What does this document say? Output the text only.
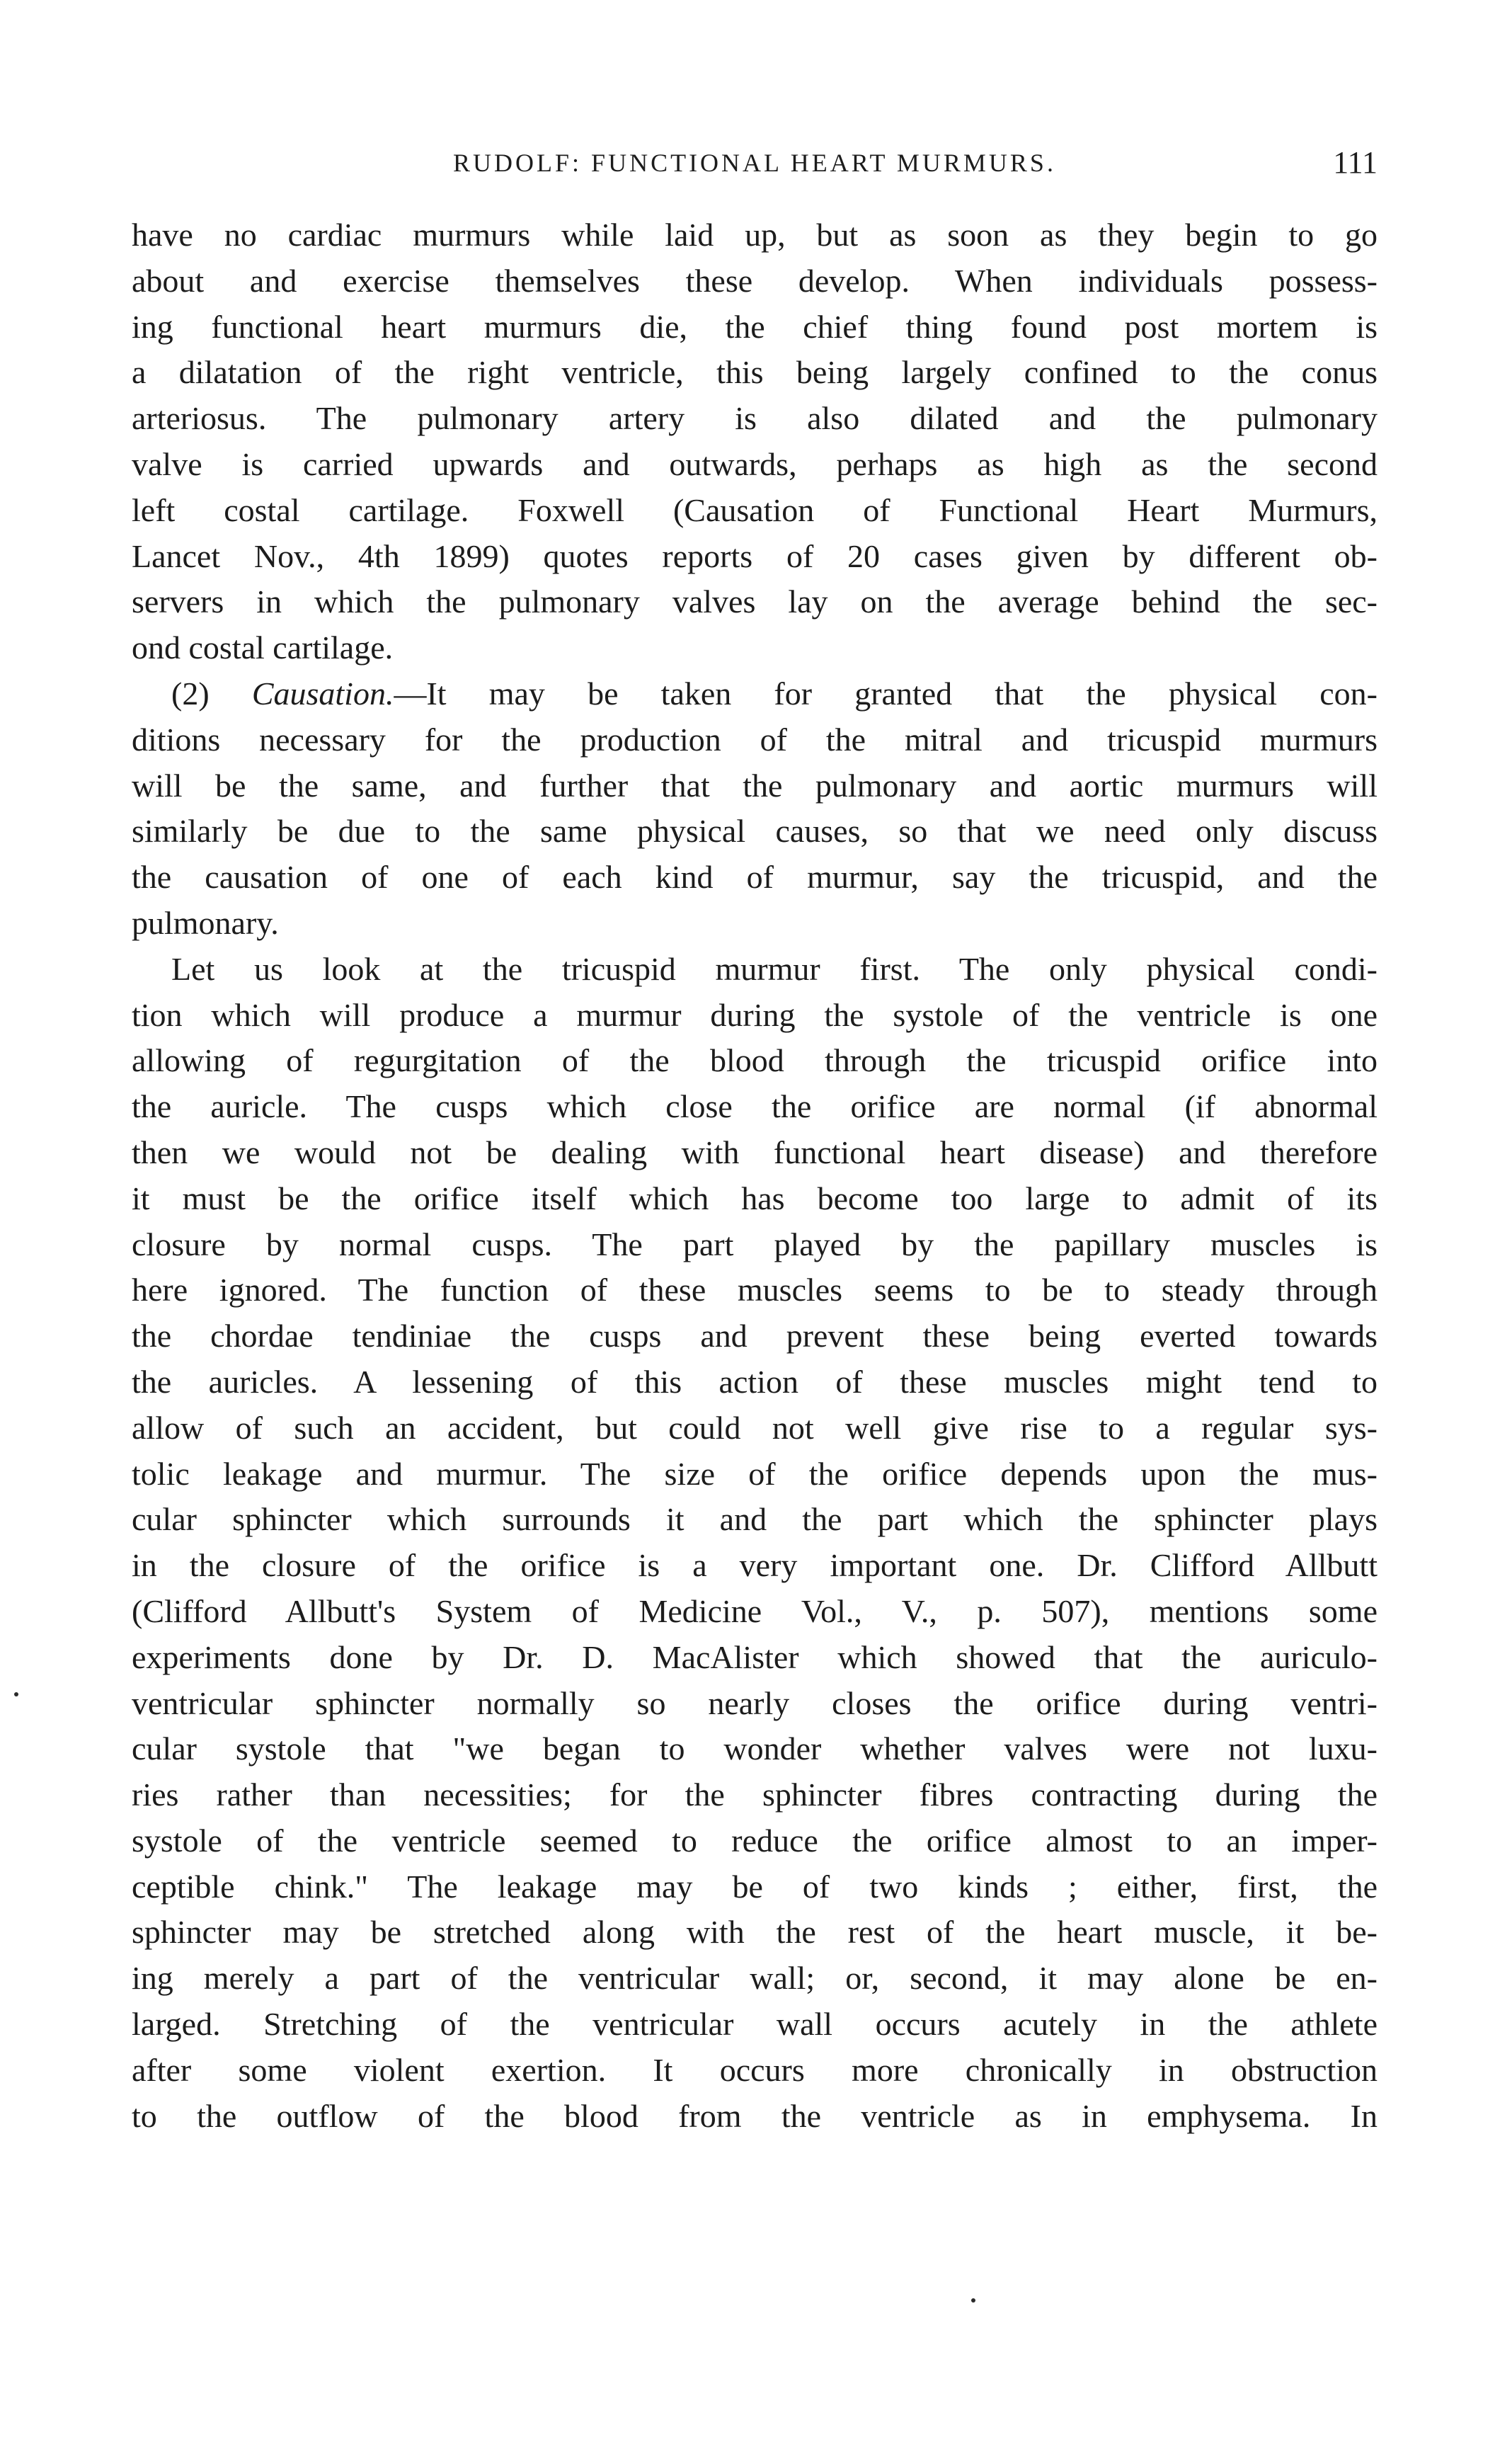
RUDOLF: FUNCTIONAL HEART MURMURS.	111
have no cardiac murmurs while laid up, but as soon as they begin to go
about and exercise themselves these develop. When individuals possess-
ing functional heart murmurs die, the chief thing found post mortem is
a dilatation of the right ventricle, this being largely confined to the conus
arteriosus. The pulmonary artery is also dilated and the pulmonary
valve is carried upwards and outwards, perhaps as high as the second
left costal cartilage. Foxwell (Causation of Functional Heart Murmurs,
Lancet Nov., 4th 1899) quotes reports of 20 cases given by different ob-
servers in which the pulmonary valves lay on the average behind the sec-
ond costal cartilage.
(2) Causation.—It may be taken for granted that the physical con-
ditions necessary for the production of the mitral and tricuspid murmurs
will be the same, and further that the pulmonary and aortic murmurs will
similarly be due to the same physical causes, so that we need only discuss
the causation of one of each kind of murmur, say the tricuspid, and the
pulmonary.
Let us look at the tricuspid murmur first. The only physical condi-
tion which will produce a murmur during the systole of the ventricle is one
allowing of regurgitation of the blood through the tricuspid orifice into
the auricle. The cusps which close the orifice are normal (if abnormal
then we would not be dealing with functional heart disease) and therefore
it must be the orifice itself which has become too large to admit of its
closure by normal cusps. The part played by the papillary muscles is
here ignored. The function of these muscles seems to be to steady through
the chordae tendiniae the cusps and prevent these being everted towards
the auricles. A lessening of this action of these muscles might tend to
allow of such an accident, but could not well give rise to a regular sys-
tolic leakage and murmur. The size of the orifice depends upon the mus-
cular sphincter which surrounds it and the part which the sphincter plays
in the closure of the orifice is a very important one. Dr. Clifford Allbutt
(Clifford Allbutt's System of Medicine Vol., V., p. 507), mentions some
experiments done by Dr. D. MacAlister which showed that the auriculo-
ventricular sphincter normally so nearly closes the orifice during ventri-
cular systole that "we began to wonder whether valves were not luxu-
ries rather than necessities; for the sphincter fibres contracting during the
systole of the ventricle seemed to reduce the orifice almost to an imper-
ceptible chink." The leakage may be of two kinds ; either, first, the
sphincter may be stretched along with the rest of the heart muscle, it be-
ing merely a part of the ventricular wall; or, second, it may alone be en-
larged. Stretching of the ventricular wall occurs acutely in the athlete
after some violent exertion. It occurs more chronically in obstruction
to the outflow of the blood from the ventricle as in emphysema. In
